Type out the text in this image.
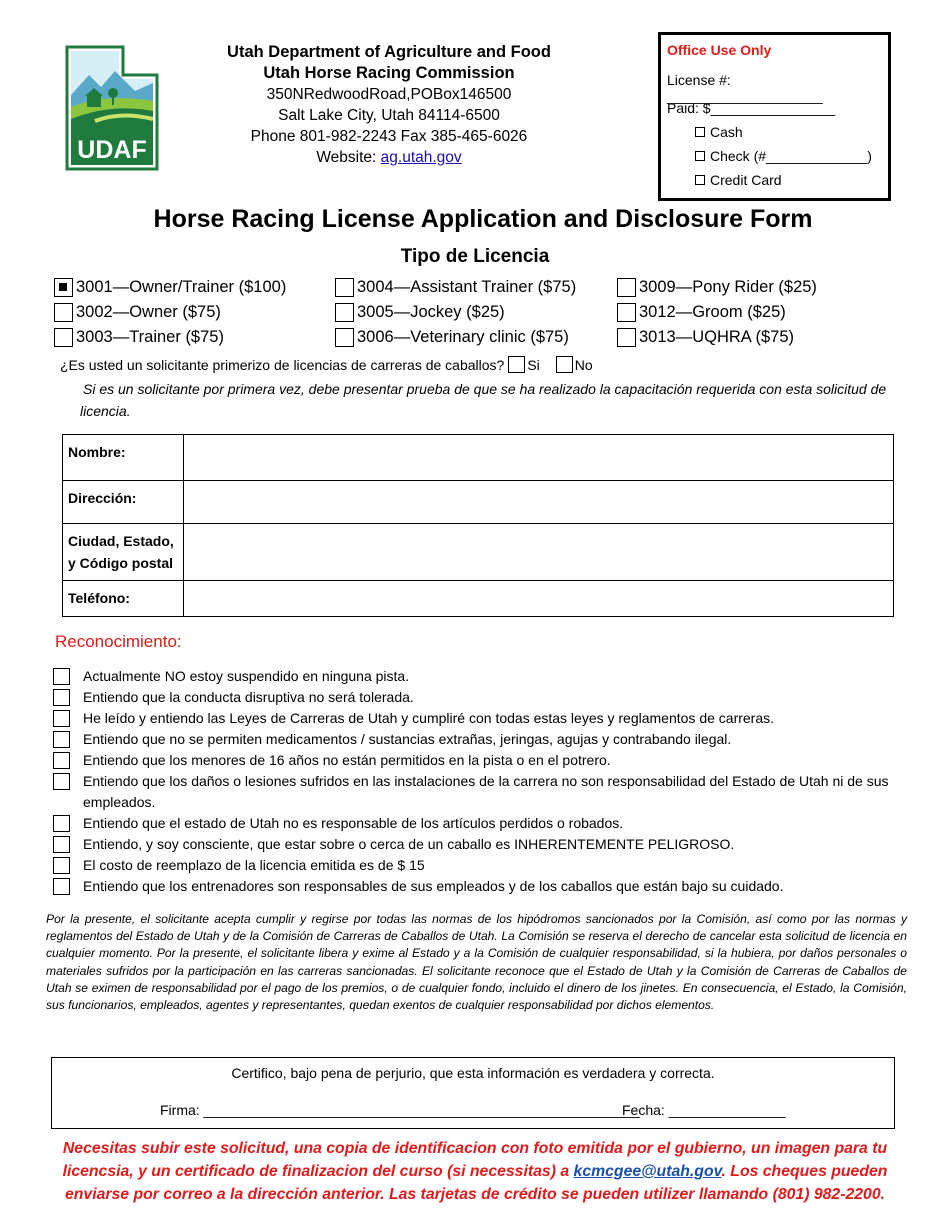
UDAF
Utah Department of Agriculture and Food
Utah Horse Racing Commission
350NRedwoodRoad,POBox146500
Salt Lake City, Utah 84114-6500
Phone 801-982-2243 Fax 385-465-6026
Website: ag.utah.gov
Office Use Only
License #: ____________________
Paid: $________________
Cash
Check (#_____________)
Credit Card
Horse Racing License Application and Disclosure Form
Tipo de Licencia
3001—Owner/Trainer ($100)
3002—Owner ($75)
3003—Trainer ($75)
3004—Assistant Trainer ($75)
3005—Jockey ($25)
3006—Veterinary clinic ($75)
3009—Pony Rider ($25)
3012—Groom ($25)
3013—UQHRA ($75)
¿Es usted un solicitante primerizo de licencias de carreras de caballos? Si	No
Si es un solicitante por primera vez, debe presentar prueba de que se ha realizado la capacitación requerida con esta solicitud de licencia.
Nombre:	
Dirección:	
Ciudad, Estado, y Código postal	
Teléfono:	
Reconocimiento:
Actualmente NO estoy suspendido en ninguna pista.
Entiendo que la conducta disruptiva no será tolerada.
He leído y entiendo las Leyes de Carreras de Utah y cumpliré con todas estas leyes y reglamentos de carreras.
Entiendo que no se permiten medicamentos / sustancias extrañas, jeringas, agujas y contrabando ilegal.
Entiendo que los menores de 16 años no están permitidos en la pista o en el potrero.
Entiendo que los daños o lesiones sufridos en las instalaciones de la carrera no son responsabilidad del Estado de Utah ni de sus empleados.
Entiendo que el estado de Utah no es responsable de los artículos perdidos o robados.
Entiendo, y soy consciente, que estar sobre o cerca de un caballo es INHERENTEMENTE PELIGROSO.
El costo de reemplazo de la licencia emitida es de $ 15
Entiendo que los entrenadores son responsables de sus empleados y de los caballos que están bajo su cuidado.
Por la presente, el solicitante acepta cumplir y regirse por todas las normas de los hipódromos sancionados por la Comisión, así como por las normas y reglamentos del Estado de Utah y de la Comisión de Carreras de Caballos de Utah. La Comisión se reserva el derecho de cancelar esta solicitud de licencia en cualquier momento. Por la presente, el solicitante libera y exime al Estado y a la Comisión de cualquier responsabilidad, si la hubiera, por daños personales o materiales sufridos por la participación en las carreras sancionadas. El solicitante reconoce que el Estado de Utah y la Comisión de Carreras de Caballos de Utah se eximen de responsabilidad por el pago de los premios, o de cualquier fondo, incluido el dinero de los jinetes. En consecuencia, el Estado, la Comisión, sus funcionarios, empleados, agentes y representantes, quedan exentos de cualquier responsabilidad por dichos elementos.
Certifico, bajo pena de perjurio, que esta información es verdadera y correcta.
Firma: ________________________________________________________
Fecha: _______________
Necesitas subir este solicitud, una copia de identificacion con foto emitida por el gubierno, un imagen para tu licencsia, y un certificado de finalizacion del curso (si necessitas) a kcmcgee@utah.gov. Los cheques pueden enviarse por correo a la dirección anterior. Las tarjetas de crédito se pueden utilizer llamando (801) 982-2200.
